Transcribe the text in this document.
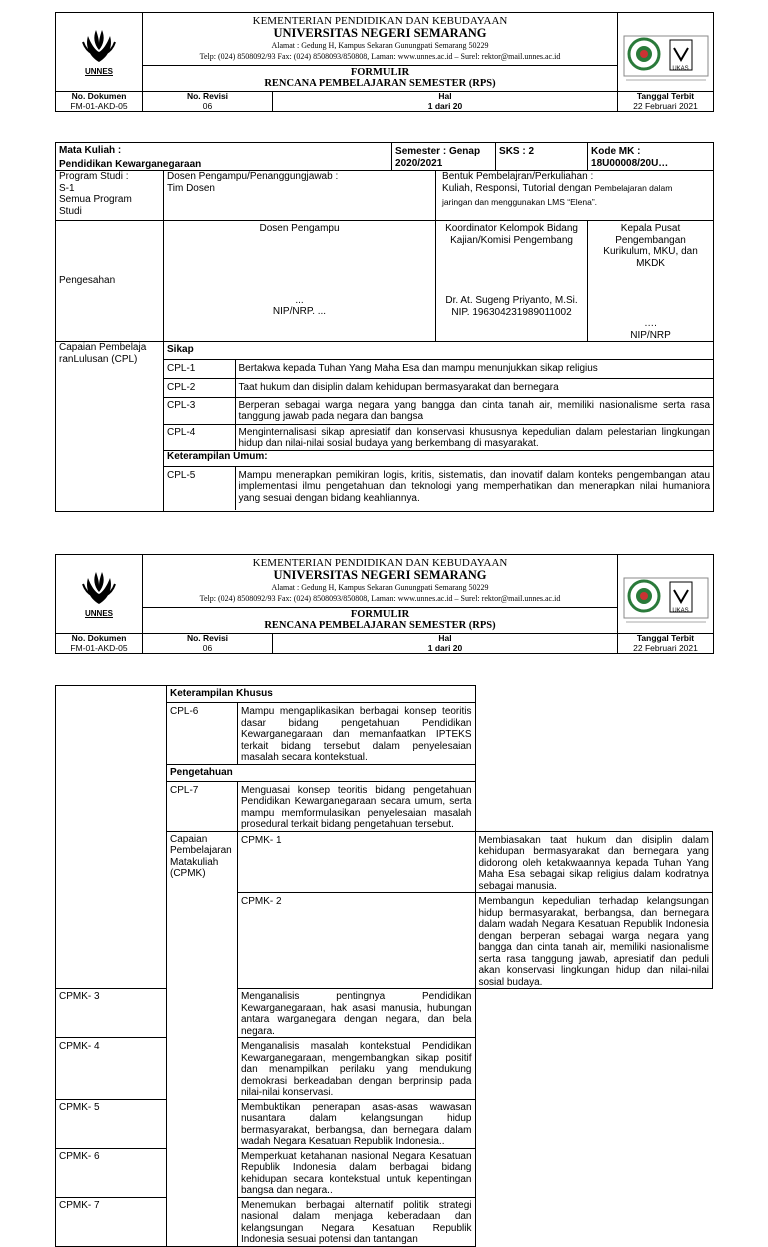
UNNES

KEMENTERIAN PENDIDIKAN DAN KEBUDAYAAN
UNIVERSITAS NEGERI SEMARANG
Alamat : Gedung H, Kampus Sekaran Gunungpati Semarang 50229
Telp: (024) 8508092/93 Fax: (024) 8508093/850808, Laman: www.unnes.ac.id – Surel: rektor@mail.unnes.ac.id

UKAS

FORMULIR
RENCANA PEMBELAJARAN SEMESTER (RPS)
No. Dokumen
FM-01-AKD-05

No. Revisi
06

Hal
1 dari 20

Tanggal Terbit
22 Februari 2021
Mata Kuliah :
Pendidikan Kewarganegaraan
	Semester : Genap 2020/2021	SKS : 2	Kode MK : 18U00008/20U…

Program Studi :
S-1
Semua Program
Studi

Dosen Pengampu/Penanggungjawab :
Tim Dosen

Bentuk Pembelajran/Perkuliahan :
Kuliah, Responsi, Tutorial dengan Pembelajaran dalam
jaringan dan menggunakan LMS “Elena”.

Pengesahan	
Dosen Pengampu
...
NIP/NRP. ...

Koordinator Kelompok Bidang
Kajian/Komisi Pengembang
Dr. At. Sugeng Priyanto, M.Si.
NIP. 196304231989011002

Kepala Pusat Pengembangan
Kurikulum, MKU, dan MKDK
….
NIP/NRP

Capaian Pembelaja
ranLulusan (CPL)

Sikap
CPL-1	Bertakwa kepada Tuhan Yang Maha Esa dan mampu menunjukkan sikap religius
CPL-2	Taat hukum dan disiplin dalam kehidupan bermasyarakat dan bernegara
CPL-3	Berperan sebagai warga negara yang bangga dan cinta tanah air, memiliki nasionalisme serta rasa tanggung jawab pada negara dan bangsa
CPL-4	Menginternalisasi sikap apresiatif dan konservasi khususnya kepedulian dalam pelestarian lingkungan hidup dan nilai-nilai sosial budaya yang berkembang di masyarakat.
Keterampilan Umum:
CPL-5	Mampu menerapkan pemikiran logis, kritis, sistematis, dan inovatif dalam konteks pengembangan atau implementasi ilmu pengetahuan dan teknologi yang memperhatikan dan menerapkan nilai humaniora yang sesuai dengan bidang keahliannya.
UNNES

KEMENTERIAN PENDIDIKAN DAN KEBUDAYAAN
UNIVERSITAS NEGERI SEMARANG
Alamat : Gedung H, Kampus Sekaran Gunungpati Semarang 50229
Telp: (024) 8508092/93 Fax: (024) 8508093/850808, Laman: www.unnes.ac.id – Surel: rektor@mail.unnes.ac.id

UKAS

FORMULIR
RENCANA PEMBELAJARAN SEMESTER (RPS)
No. Dokumen
FM-01-AKD-05

No. Revisi
06

Hal
1 dari 20

Tanggal Terbit
22 Februari 2021
	Keterampilan Khusus		
	CPL-6	Mampu mengaplikasikan berbagai konsep teoritis dasar bidang pengetahuan Pendidikan Kewarganegaraan dan memanfaatkan IPTEKS terkait bidang tersebut dalam penyelesaian masalah secara kontekstual.	
	Pengetahuan		
	CPL-7	Menguasai konsep teoritis bidang pengetahuan Pendidikan Kewarganegaraan secara umum, serta mampu memformulasikan penyelesaian masalah prosedural terkait bidang pengetahuan tersebut.	

	Capaian
Pembelajaran
Matakuliah (CPMK)	CPMK- 1	Membiasakan taat hukum dan disiplin dalam kehidupan bermasyarakat dan bernegara yang didorong oleh ketakwaannya kepada Tuhan Yang Maha Esa sebagai sikap religius dalam kodratnya sebagai manusia.
		CPMK- 2	Membangun kepedulian terhadap kelangsungan hidup bermasyarakat, berbangsa, dan bernegara dalam wadah Negara Kesatuan Republik Indonesia dengan berperan sebagai warga negara yang bangga dan cinta tanah air, memiliki nasionalisme serta rasa tanggung jawab, apresiatif dan peduli akan konservasi lingkungan hidup dan nilai-nilai sosial budaya.
CPMK- 3		Menganalisis pentingnya Pendidikan Kewarganegaraan, hak asasi manusia, hubungan antara warganegara dengan negara, dan bela negara.	
CPMK- 4		Menganalisis masalah kontekstual Pendidikan Kewarganegaraan, mengembangkan sikap positif dan menampilkan perilaku yang mendukung demokrasi berkeadaban dengan berprinsip pada nilai-nilai konservasi.	
CPMK- 5		Membuktikan penerapan asas-asas wawasan nusantara dalam kelangsungan hidup bermasyarakat, berbangsa, dan bernegara dalam wadah Negara Kesatuan Republik Indonesia..	
CPMK- 6		Memperkuat ketahanan nasional Negara Kesatuan Republik Indonesia dalam berbagai bidang kehidupan secara kontekstual untuk kepentingan bangsa dan negara..	
CPMK- 7		Menemukan berbagai alternatif politik strategi nasional dalam menjaga keberadaan dan kelangsungan Negara Kesatuan Republik Indonesia sesuai potensi dan tantangan	
